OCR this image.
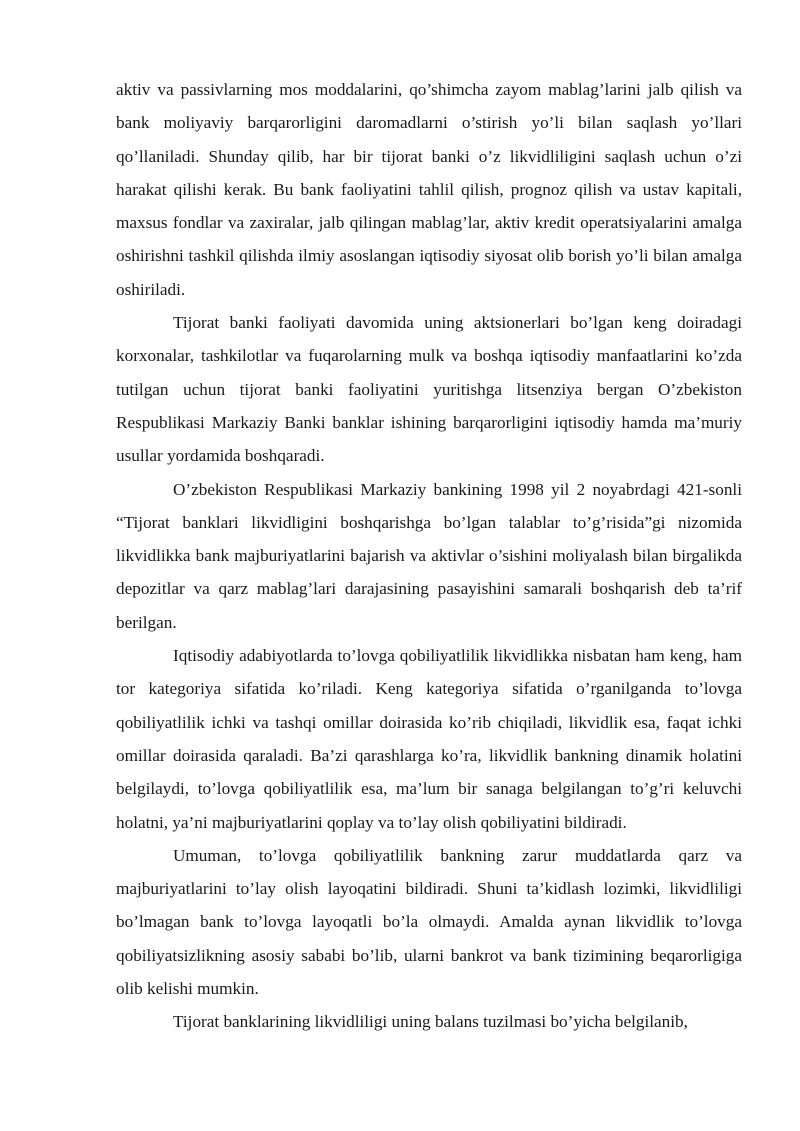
aktiv va passivlarning mos moddalarini, qo’shimcha zayom mablag’larini jalb qilish va bank moliyaviy barqarorligini daromadlarni o’stirish yo’li bilan saqlash yo’llari qo’llaniladi. Shunday qilib, har bir tijorat banki o’z likvidliligini saqlash uchun o’zi harakat qilishi kerak. Bu bank faoliyatini tahlil qilish, prognoz qilish va ustav kapitali, maxsus fondlar va zaxiralar, jalb qilingan mablag’lar, aktiv kredit operatsiyalarini amalga oshirishni tashkil qilishda ilmiy asoslangan iqtisodiy siyosat olib borish yo’li bilan amalga oshiriladi.

Tijorat banki faoliyati davomida uning aktsionerlari bo’lgan keng doiradagi korxonalar, tashkilotlar va fuqarolarning mulk va boshqa iqtisodiy manfaatlarini ko’zda tutilgan uchun tijorat banki faoliyatini yuritishga litsenziya bergan O’zbekiston Respublikasi Markaziy Banki banklar ishining barqarorligini iqtisodiy hamda ma’muriy usullar yordamida boshqaradi.

O’zbekiston Respublikasi Markaziy bankining 1998 yil 2 noyabrdagi 421-sonli “Tijorat banklari likvidligini boshqarishga bo’lgan talablar to’g’risida”gi nizomida likvidlikka bank majburiyatlarini bajarish va aktivlar o’sishini moliyalash bilan birgalikda depozitlar va qarz mablag’lari darajasining pasayishini samarali boshqarish deb ta’rif berilgan.

Iqtisodiy adabiyotlarda to’lovga qobiliyatlilik likvidlikka nisbatan ham keng, ham tor kategoriya sifatida ko’riladi. Keng kategoriya sifatida o’rganilganda to’lovga qobiliyatlilik ichki va tashqi omillar doirasida ko’rib chiqiladi, likvidlik esa, faqat ichki omillar doirasida qaraladi. Ba’zi qarashlarga ko’ra, likvidlik bankning dinamik holatini belgilaydi, to’lovga qobiliyatlilik esa, ma’lum bir sanaga belgilangan to’g’ri keluvchi holatni, ya’ni majburiyatlarini qoplay va to’lay olish qobiliyatini bildiradi.

Umuman, to’lovga qobiliyatlilik bankning zarur muddatlarda qarz va majburiyatlarini to’lay olish layoqatini bildiradi. Shuni ta’kidlash lozimki, likvidliligi bo’lmagan bank to’lovga layoqatli bo’la olmaydi. Amalda aynan likvidlik to’lovga qobiliyatsizlikning asosiy sababi bo’lib, ularni bankrot va bank tizimining beqarorligiga olib kelishi mumkin.

Tijorat banklarining likvidliligi uning balans tuzilmasi bo’yicha belgilanib,
